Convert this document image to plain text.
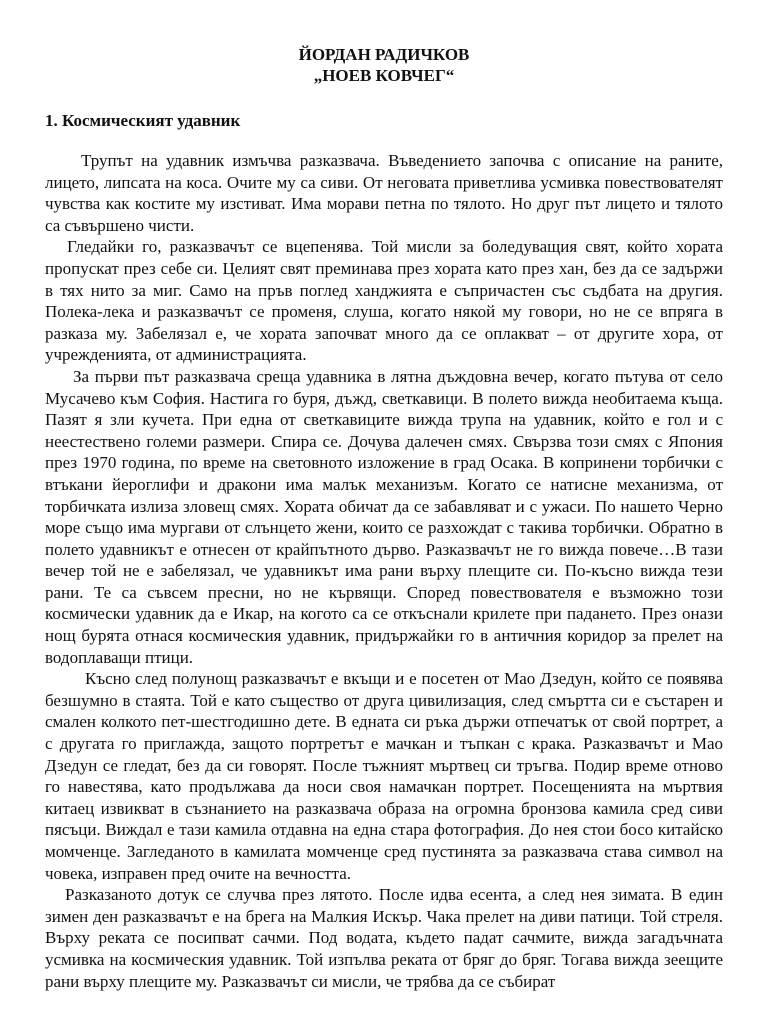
ЙОРДАН РАДИЧКОВ
„НОЕВ КОВЧЕГ“
1. Космическият удавник

Трупът на удавник измъчва разказвача. Въведението започва с описание на раните, лицето, липсата на коса. Очите му са сиви. От неговата приветлива усмивка повествователят чувства как костите му изстиват. Има морави петна по тялото. Но друг път лицето и тялото са съвършено чисти.

Гледайки го, разказвачът се вцепенява. Той мисли за боледуващия свят, който хората пропускат през себе си. Целият свят преминава през хората като през хан, без да се задържи в тях нито за миг. Само на пръв поглед ханджията е съпричастен със съдбата на другия. Полека-лека и разказвачът се променя, слуша, когато някой му говори, но не се впряга в разказа му. Забелязал е, че хората започват много да се оплакват – от другите хора, от учрежденията, от администрацията.

За първи път разказвача среща удавника в лятна дъждовна вечер, когато пътува от село Мусачево към София. Настига го буря, дъжд, светкавици. В полето вижда необитаема къща. Пазят я зли кучета. При една от светкавиците вижда трупа на удавник, който е гол и с неестествено големи размери. Спира се. Дочува далечен смях. Свързва този смях с Япония през 1970 година, по време на световното изложение в град Осака. В копринени торбички с втъкани йероглифи и дракони има малък механизъм. Когато се натисне механизма, от торбичката излиза зловещ смях. Хората обичат да се забавляват и с ужаси. По нашето Черно море също има мургави от слънцето жени, които се разхождат с такива торбички. Обратно в полето удавникът е отнесен от крайпътното дърво. Разказвачът не го вижда повече…В тази вечер той не е забелязал, че удавникът има рани върху плещите си. По-късно вижда тези рани. Те са съвсем пресни, но не кървящи. Според повествователя е възможно този космически удавник да е Икар, на когото са се откъснали крилете при падането. През онази нощ бурята отнася космическия удавник, придържайки го в античния коридор за прелет на водоплаващи птици.

Късно след полунощ разказвачът е вкъщи и е посетен от Мао Дзедун, който се появява безшумно в стаята. Той е като същество от друга цивилизация, след смъртта си е състарен и смален колкото пет-шестгодишно дете. В едната си ръка държи отпечатък от свой портрет, а с другата го приглажда, защото портретът е мачкан и тъпкан с крака. Разказвачът и Мао Дзедун се гледат, без да си говорят. После тъжният мъртвец си тръгва. Подир време отново го навестява, като продължава да носи своя намачкан портрет. Посещенията на мъртвия китаец извикват в съзнанието на разказвача образа на огромна бронзова камила сред сиви пясъци. Виждал е тази камила отдавна на една стара фотография. До нея стои босо китайско момченце. Загледаното в камилата момченце сред пустинята за разказвача става символ на човека, изправен пред очите на вечността.

Разказаното дотук се случва през лятото. После идва есента, а след нея зимата. В един зимен ден разказвачът е на брега на Малкия Искър. Чака прелет на диви патици. Той стреля. Върху реката се посипват сачми. Под водата, където падат сачмите, вижда загадъчната усмивка на космическия удавник. Той изпълва реката от бряг до бряг. Тогава вижда зеещите рани върху плещите му. Разказвачът си мисли, че трябва да се събират
